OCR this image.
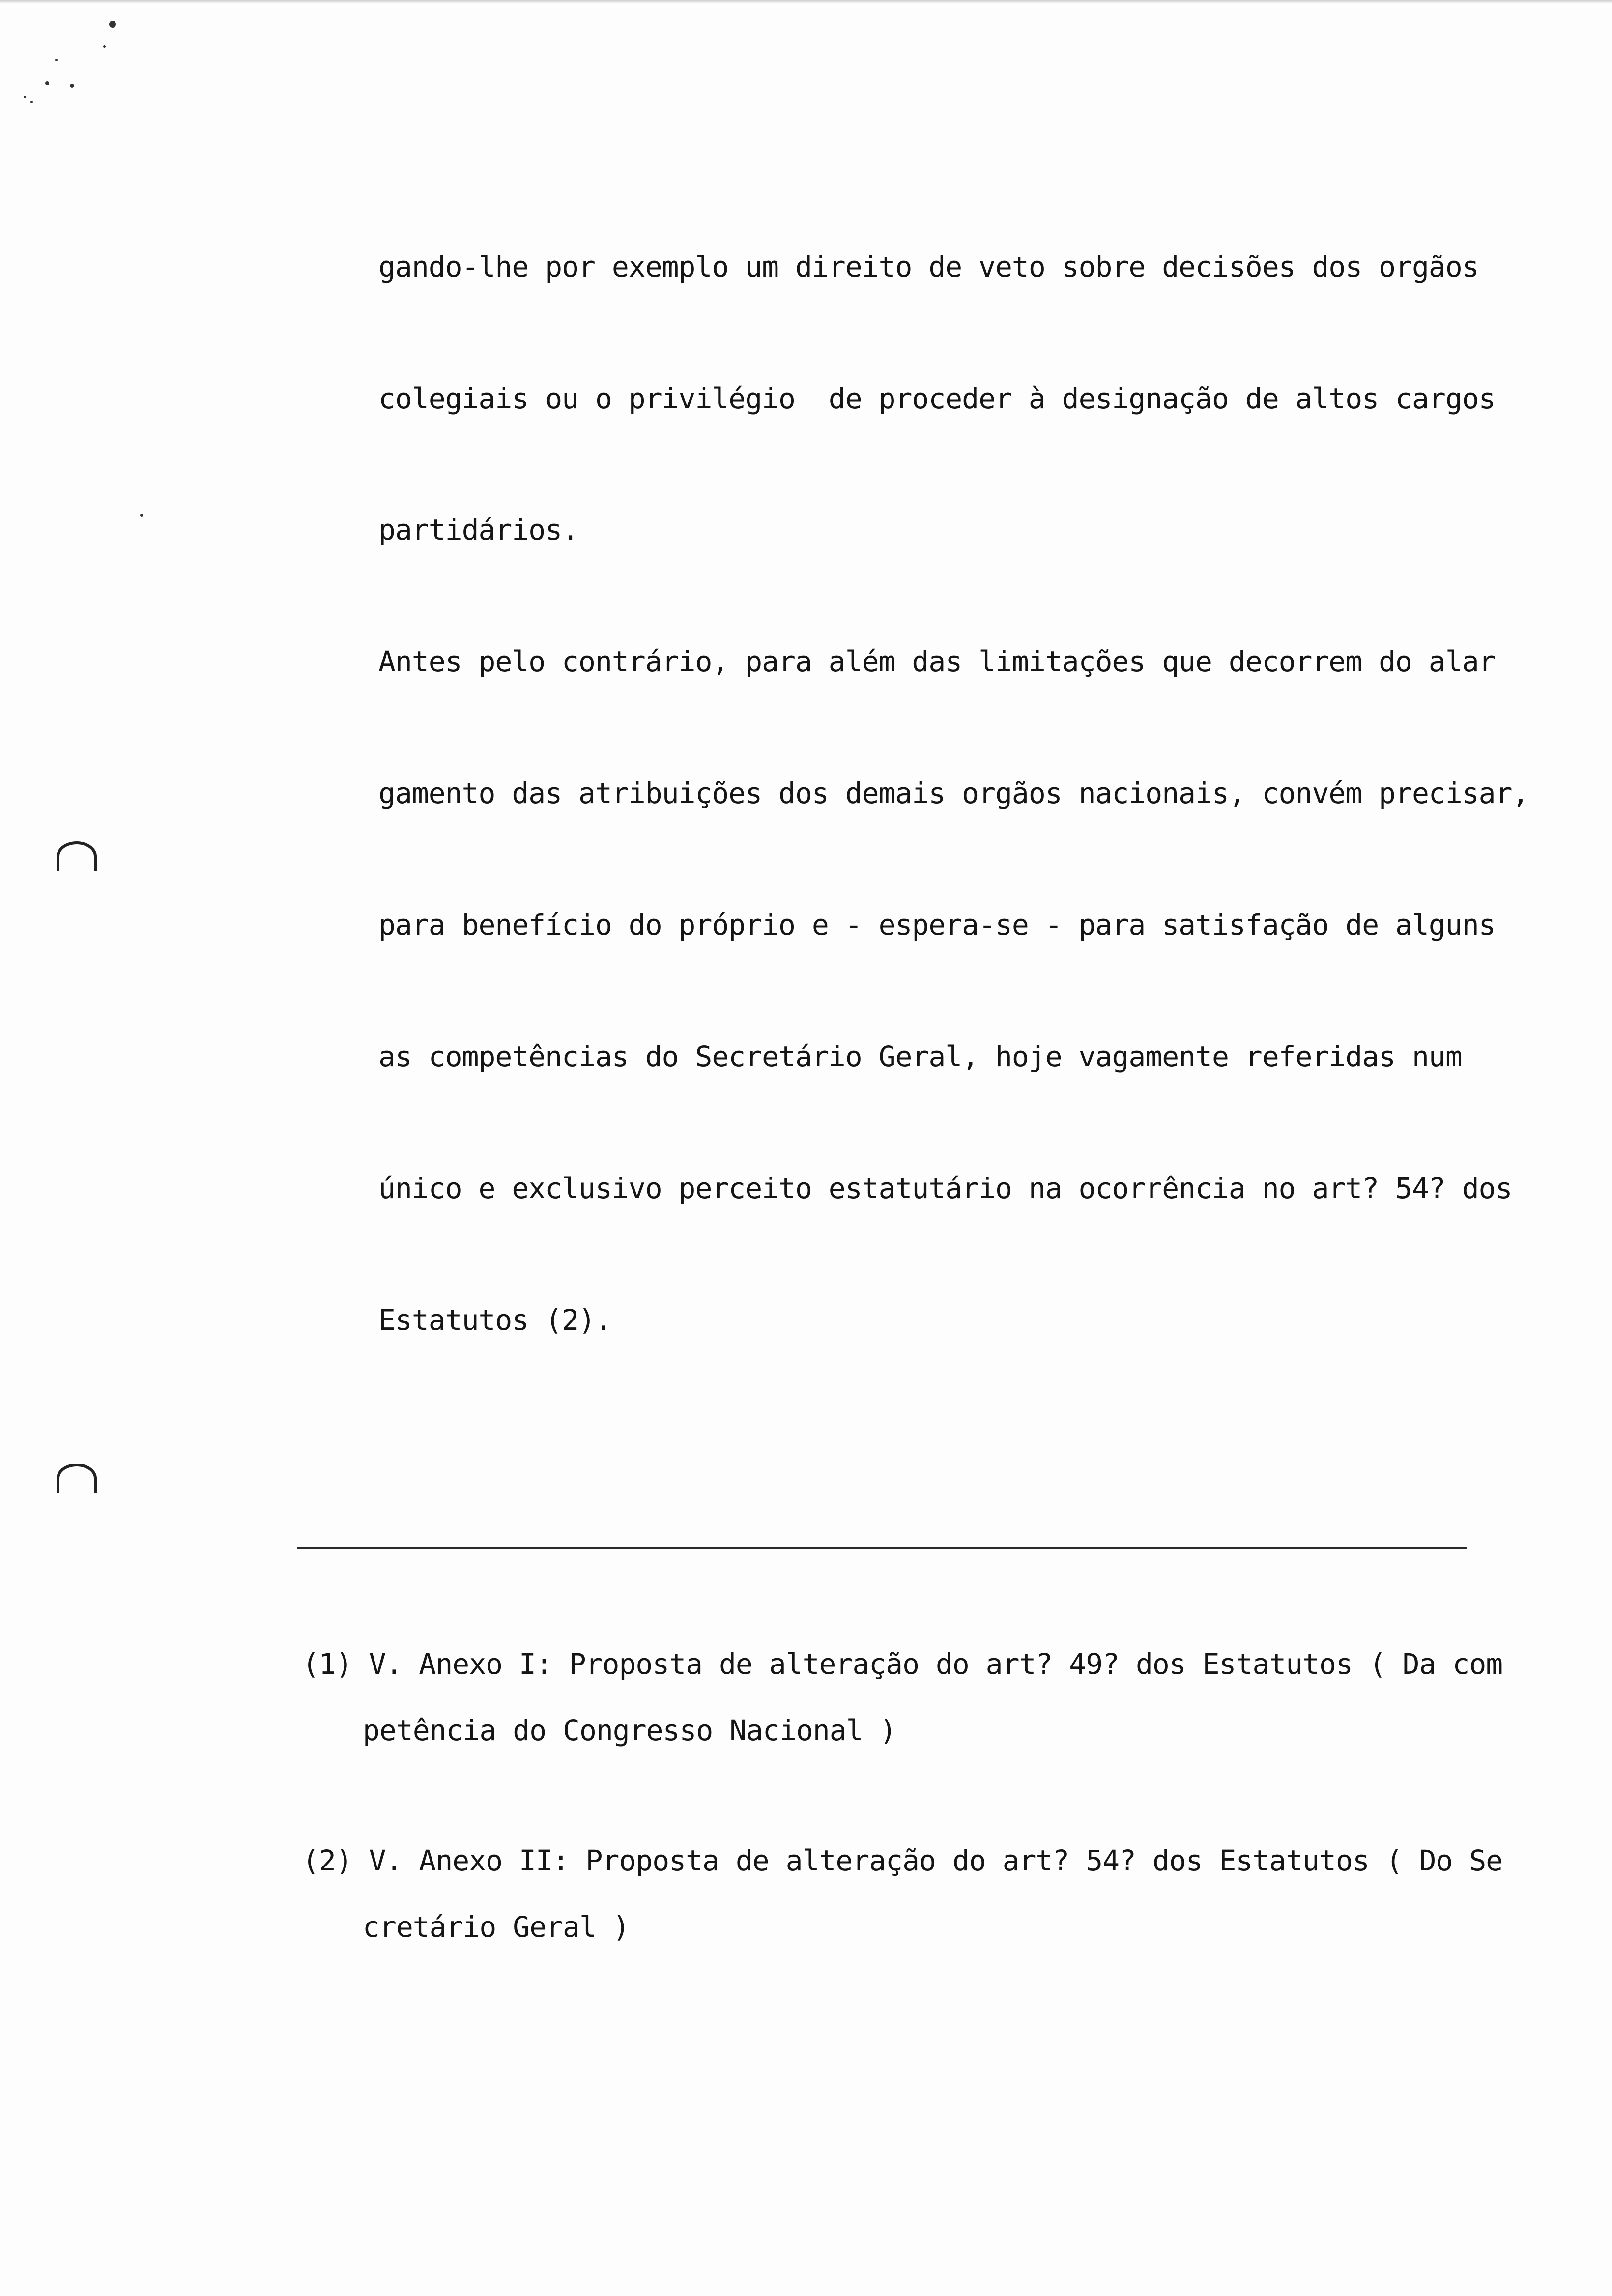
gando-lhe por exemplo um direito de veto sobre decisões dos orgãos
colegiais ou o privilégio  de proceder à designação de altos cargos
partidários.
Antes pelo contrário, para além das limitações que decorrem do alar
gamento das atribuições dos demais orgãos nacionais, convém precisar,
para benefício do próprio e - espera-se - para satisfação de alguns
as competências do Secretário Geral, hoje vagamente referidas num
único e exclusivo perceito estatutário na ocorrência no art? 54? dos
Estatutos (2).
(1) V. Anexo I: Proposta de alteração do art? 49? dos Estatutos ( Da com
petência do Congresso Nacional )
(2) V. Anexo II: Proposta de alteração do art? 54? dos Estatutos ( Do Se
cretário Geral )
